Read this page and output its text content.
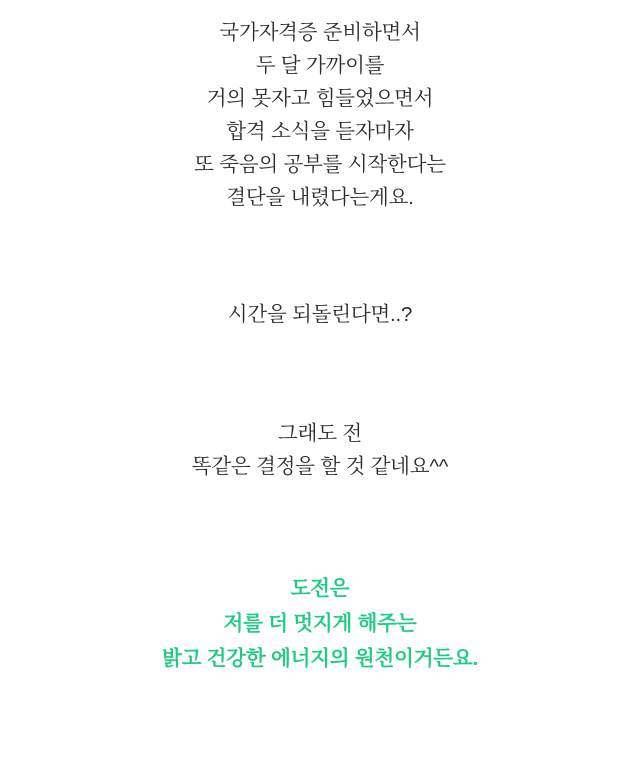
국가자격증 준비하면서
두 달 가까이를
거의 못자고 힘들었으면서
합격 소식을 듣자마자
또 죽음의 공부를 시작한다는
결단을 내렸다는게요.
시간을 되돌린다면..?
그래도 전
똑같은 결정을 할 것 같네요^^
도전은
저를 더 멋지게 해주는
밝고 건강한 에너지의 원천이거든요.
